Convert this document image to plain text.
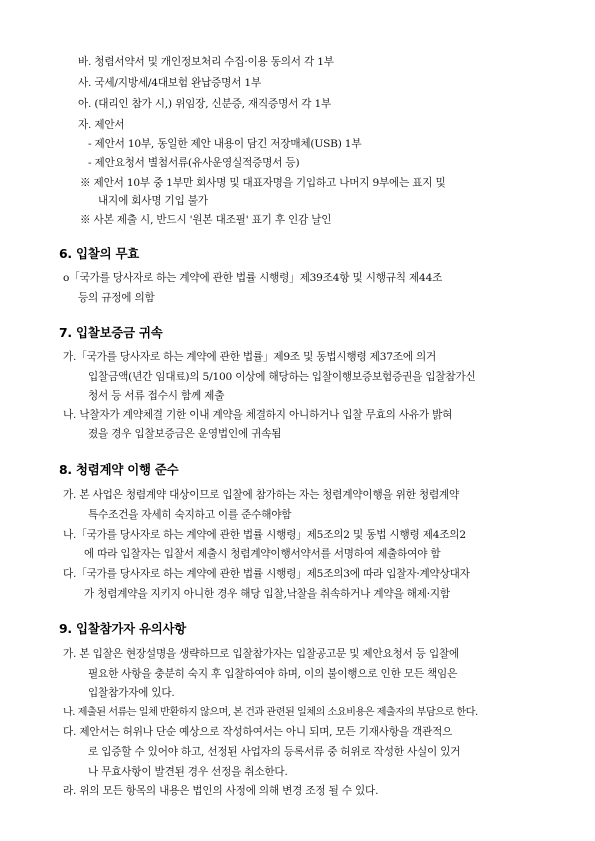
바. 청렴서약서 및 개인정보처리 수집·이용 동의서 각 1부
사. 국세/지방세/4대보험 완납증명서 1부
아. (대리인 참가 시,) 위임장, 신분증, 재직증명서 각 1부
자. 제안서
- 제안서 10부, 동일한 제안 내용이 담긴 저장매체(USB) 1부
- 제안요청서 별첨서류(유사운영실적증명서 등)
※ 제안서 10부 중 1부만 회사명 및 대표자명을 기입하고 나머지 9부에는 표지 및
내지에 회사명 기입 불가
※ 사본 제출 시, 반드시 '원본 대조필' 표기 후 인감 날인
6. 입찰의 무효
o「국가를 당사자로 하는 계약에 관한 법률 시행령」제39조4항 및 시행규칙 제44조
등의 규정에 의함
7. 입찰보증금 귀속
가.「국가를 당사자로 하는 계약에 관한 법률」제9조 및 동법시행령 제37조에 의거
입찰금액(년간 임대료)의 5/100 이상에 해당하는 입찰이행보증보험증권을 입찰참가신
청서 등 서류 접수시 함께 제출
나. 낙찰자가 계약체결 기한 이내 계약을 체결하지 아니하거나 입찰 무효의 사유가 밝혀
졌을 경우 입찰보증금은 운영법인에 귀속됨
8. 청렴계약 이행 준수
가. 본 사업은 청렴계약 대상이므로 입찰에 참가하는 자는 청렴계약이행을 위한 청렴계약
특수조건을 자세히 숙지하고 이를 준수해야함
나.「국가를 당사자로 하는 계약에 관한 법률 시행령」제5조의2 및 동법 시행령 제4조의2
에 따라 입찰자는 입찰서 제출시 청렴계약이행서약서를 서명하여 제출하여야 함
다.「국가를 당사자로 하는 계약에 관한 법률 시행령」제5조의3에 따라 입찰자·계약상대자
가 청렴계약을 지키지 아니한 경우 해당 입찰,낙찰을 취속하거나 계약을 해제·지함
9. 입찰참가자 유의사항
가. 본 입찰은 현장설명을 생략하므로 입찰참가자는 입찰공고문 및 제안요청서 등 입찰에
필요한 사항을 충분히 숙지 후 입찰하여야 하며, 이의 불이행으로 인한 모든 책임은
입찰참가자에 있다.
나. 제출된 서류는 일체 반환하지 않으며, 본 건과 관련된 일체의 소요비용은 제출자의 부담으로 한다.
다. 제안서는 허위나 단순 예상으로 작성하여서는 아니 되며, 모든 기재사항을 객관적으
로 입증할 수 있어야 하고, 선정된 사업자의 등록서류 중 허위로 작성한 사실이 있거
나 무효사항이 발견된 경우 선정을 취소한다.
라. 위의 모든 항목의 내용은 법인의 사정에 의해 변경 조정 될 수 있다.
